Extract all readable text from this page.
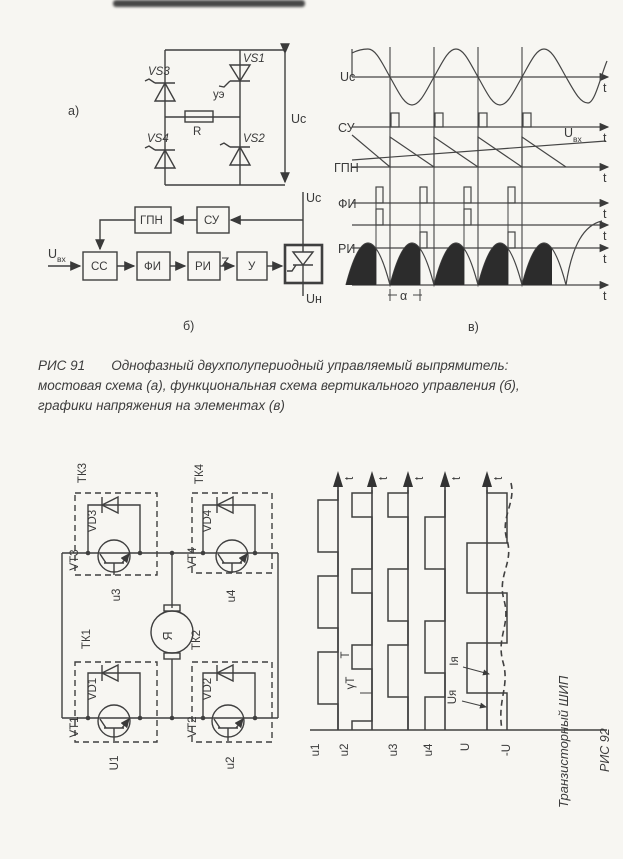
VS3
VS1
VS4	VS2
уэ
R
Uc
а)
ГПН	СУ
СС	ФИ	РИ	У
Uc
Uн
U вх
б)
Uc
СУ
ГПН
ФИ
РИ
U вх
α
t
t
t
t
t
t
t
в)
РИС 91 Однофазный двухполупериодный управляемый выпрямитель:
мостовая схема (а), функциональная схема вертикального управления (б),
графики напряжения на элементах (в)
ТК3	ТК4
VD3	VD4
VТ3	VТ4
u3	u4
ТК1	ТК2
VD1	VD2
VТ1	VТ2
U1	u2
Я
t t t t	t
u1 u2	u3 u4 U	-U
Т
γТ
Iя
Uя
РИС 92
Транзисторный ШИП
